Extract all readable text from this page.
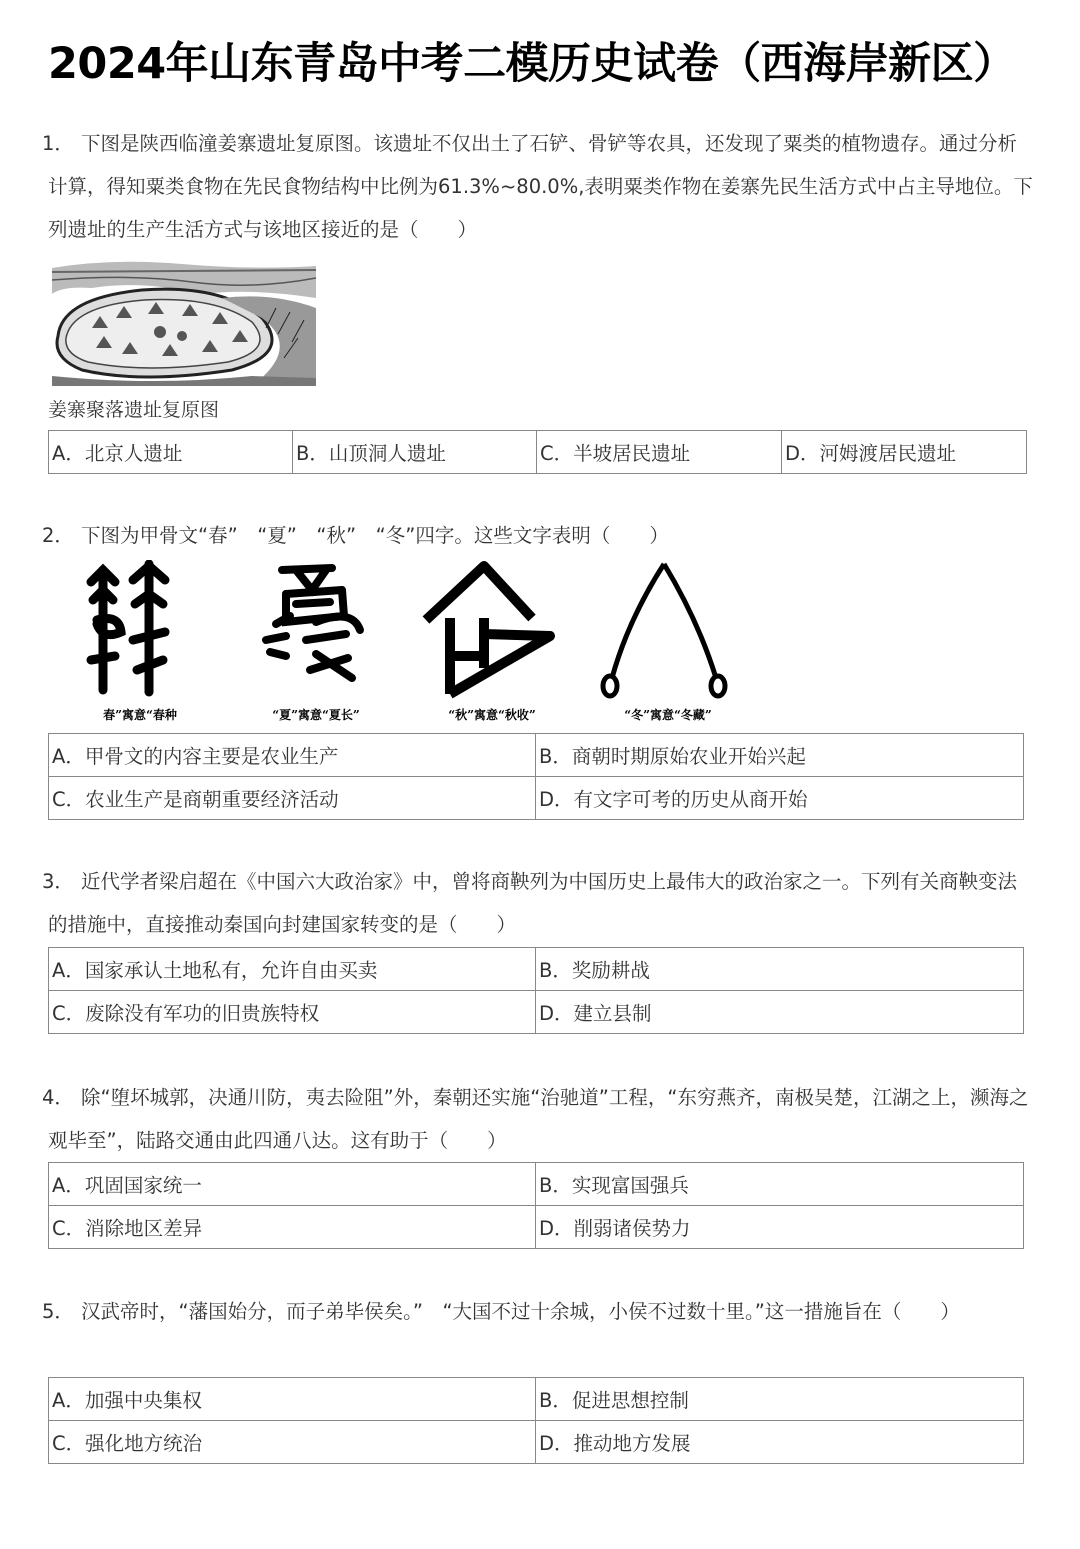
2024年山东青岛中考二模历史试卷（西海岸新区）
1． 下图是陕西临潼姜寨遗址复原图。该遗址不仅出土了石铲、骨铲等农具，还发现了粟类的植物遗存。通过分析计算，得知粟类食物在先民食物结构中比例为61.3%~80.0%,表明粟类作物在姜寨先民生活方式中占主导地位。下列遗址的生产生活方式与该地区接近的是（　　）
姜寨聚落遗址复原图
A．北京人遗址	B．山顶洞人遗址	C．半坡居民遗址	D．河姆渡居民遗址
2． 下图为甲骨文“春”　“夏”　“秋”　“冬”四字。这些文字表明（　　）
春”寓意“春种	“夏”寓意“夏长”	“秋”寓意“秋收”	“冬”寓意“冬藏”
A．甲骨文的内容主要是农业生产	B．商朝时期原始农业开始兴起
C．农业生产是商朝重要经济活动	D．有文字可考的历史从商开始
3． 近代学者梁启超在《中国六大政治家》中，曾将商鞅列为中国历史上最伟大的政治家之一。下列有关商鞅变法的措施中，直接推动秦国向封建国家转变的是（　　）
A．国家承认土地私有，允许自由买卖	B．奖励耕战
C．废除没有军功的旧贵族特权	D．建立县制
4． 除“堕坏城郭，决通川防，夷去险阻”外，秦朝还实施“治驰道”工程，“东穷燕齐，南极吴楚，江湖之上，濒海之观毕至”，陆路交通由此四通八达。这有助于（　　）
A．巩固国家统一	B．实现富国强兵
C．消除地区差异	D．削弱诸侯势力
5． 汉武帝时，“藩国始分，而子弟毕侯矣。”　“大国不过十余城，小侯不过数十里。”这一措施旨在（　　）
A．加强中央集权	B．促进思想控制
C．强化地方统治	D．推动地方发展
